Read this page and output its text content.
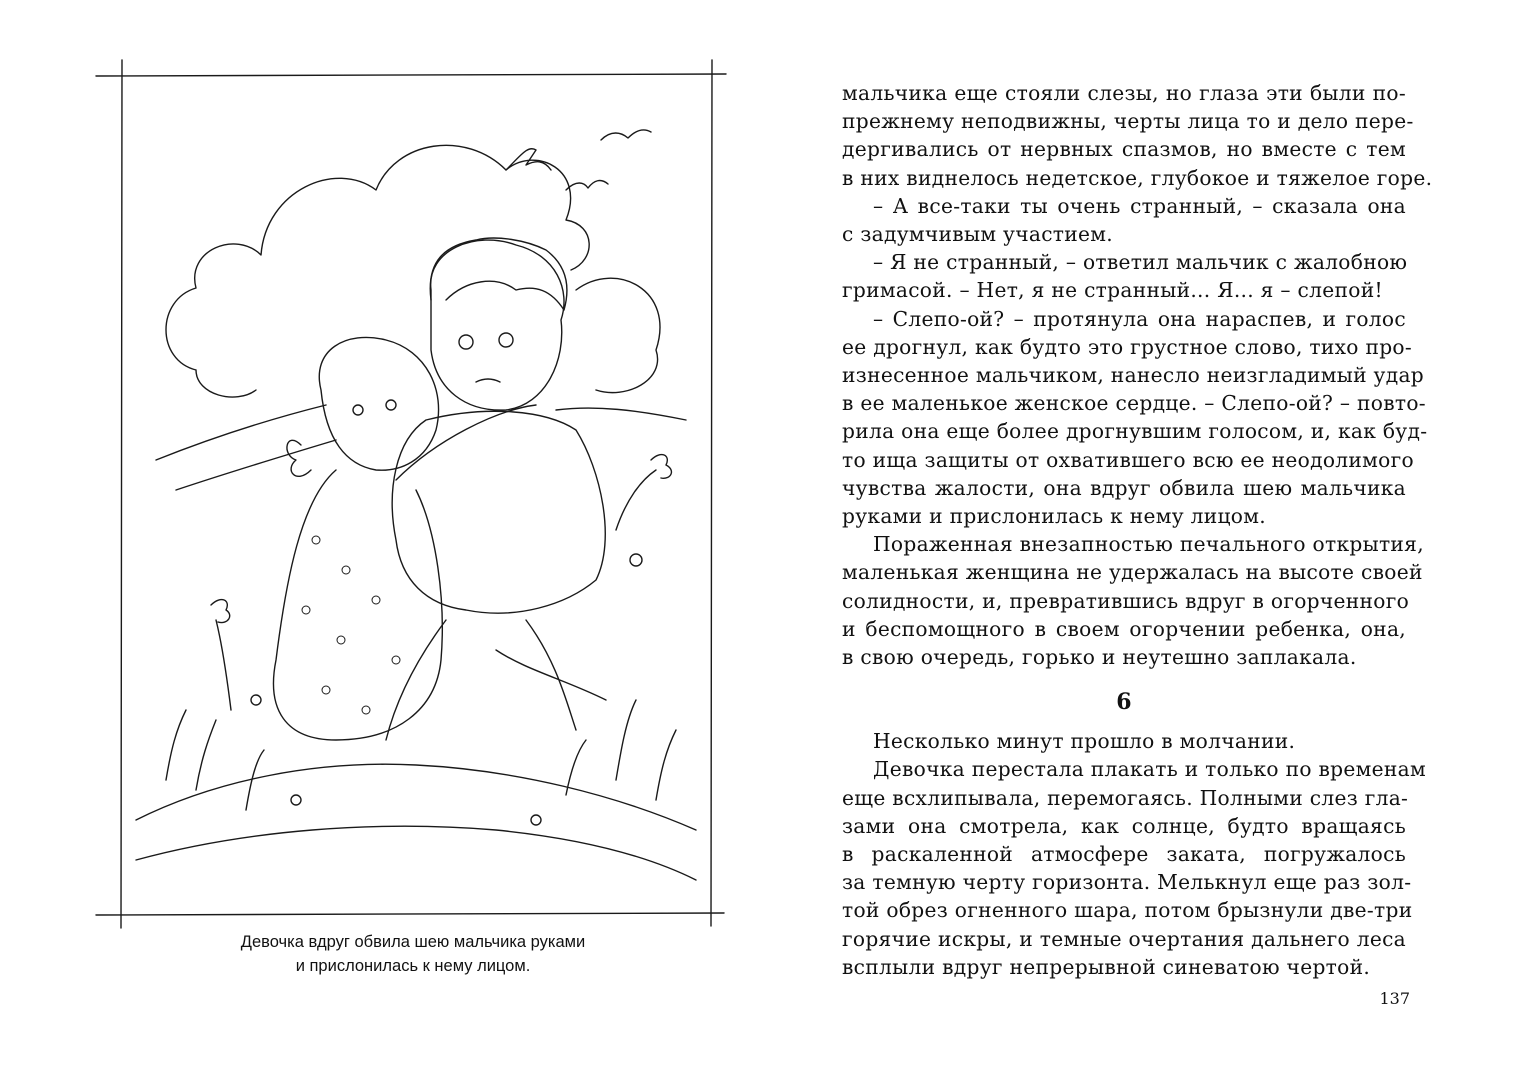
Девочка вдруг обвила шею мальчика руками
и прислонилась к нему лицом.
мальчика еще стояли слезы, но глаза эти были по-
прежнему неподвижны, черты лица то и дело пере-
дергивались от нервных спазмов, но вместе с тем
в них виднелось недетское, глубокое и тяжелое горе.
– А все-таки ты очень странный, – сказала она
с задумчивым участием.
– Я не странный, – ответил мальчик с жалобною
гримасой. – Нет, я не странный... Я... я – слепой!
– Слепо-ой? – протянула она нараспев, и голос
ее дрогнул, как будто это грустное слово, тихо про-
изнесенное мальчиком, нанесло неизгладимый удар
в ее маленькое женское сердце. – Слепо-ой? – повто-
рила она еще более дрогнувшим голосом, и, как буд-
то ища защиты от охватившего всю ее неодолимого
чувства жалости, она вдруг обвила шею мальчика
руками и прислонилась к нему лицом.
Пораженная внезапностью печального открытия,
маленькая женщина не удержалась на высоте своей
солидности, и, превратившись вдруг в огорченного
и беспомощного в своем огорчении ребенка, она,
в свою очередь, горько и неутешно заплакала.
6
Несколько минут прошло в молчании.
Девочка перестала плакать и только по временам
еще всхлипывала, перемогаясь. Полными слез гла-
зами она смотрела, как солнце, будто вращаясь
в раскаленной атмосфере заката, погружалось
за темную черту горизонта. Мелькнул еще раз зол-
той обрез огненного шара, потом брызнули две-три
горячие искры, и темные очертания дальнего леса
всплыли вдруг непрерывной синеватою чертой.
137
